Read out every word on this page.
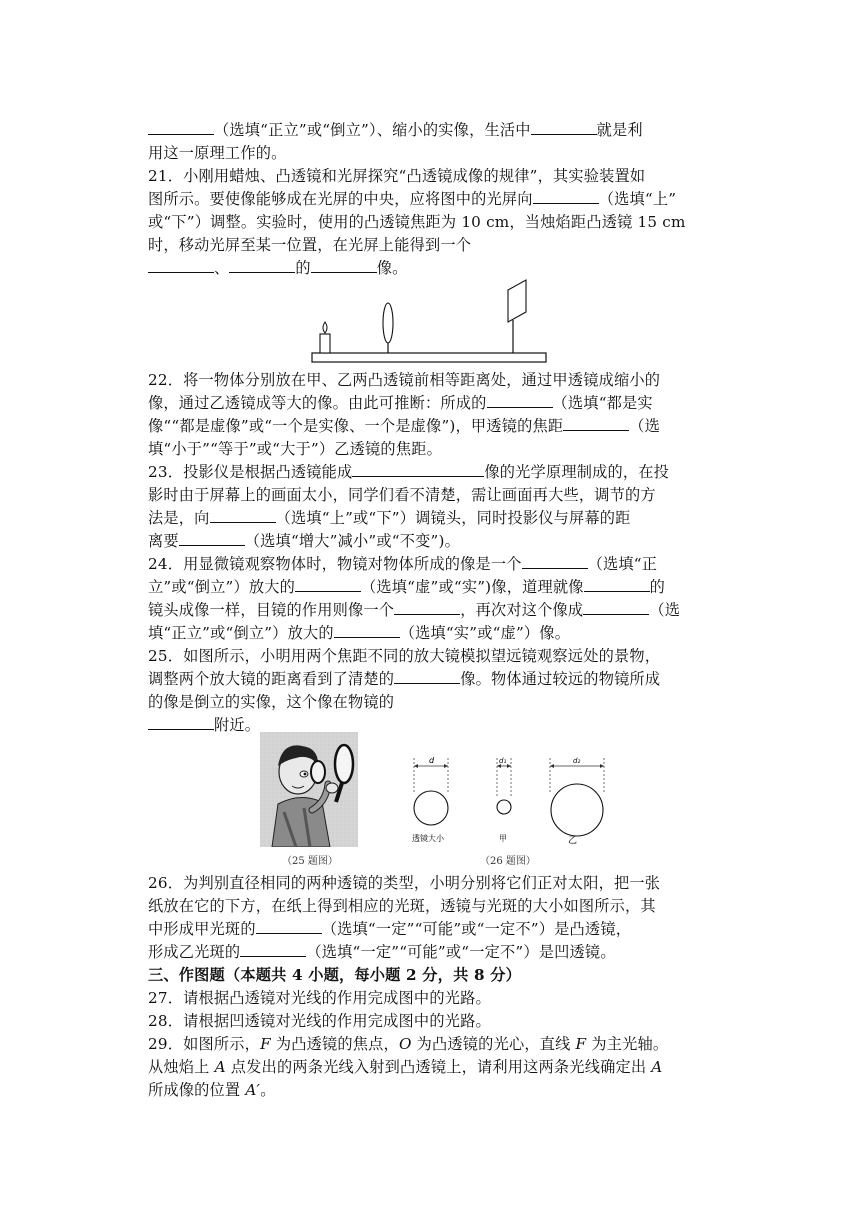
（选填“正立”或“倒立”）、缩小的实像，生活中	就是利

用这一原理工作的。

21．小刚用蜡烛、凸透镜和光屏探究“凸透镜成像的规律”，其实验装置如

图所示。要使像能够成在光屏的中央，应将图中的光屏向	（选填“上”

或“下”）调整。实验时，使用的凸透镜焦距为 10 cm，当烛焰距凸透镜 15 cm

时，移动光屏至某一位置，在光屏上能得到一个

、	的	像。

22．将一物体分别放在甲、乙两凸透镜前相等距离处，通过甲透镜成缩小的

像，通过乙透镜成等大的像。由此可推断：所成的	（选填“都是实

像““都是虚像”或“一个是实像、一个是虚像”)，甲透镜的焦距	（选

填“小于”“等于”或“大于”）乙透镜的焦距。

23．投影仪是根据凸透镜能成	像的光学原理制成的，在投

影时由于屏幕上的画面太小，同学们看不清楚，需让画面再大些，调节的方

法是，向	（选填“上”或“下”）调镜头，同时投影仪与屏幕的距

离要	（选填“增大”减小”或“不变”)。

24．用显微镜观察物体时，物镜对物体所成的像是一个	（选填“正

立”或“倒立”）放大的	（选填“虚”或“实”)像，道理就像	的

镜头成像一样，目镜的作用则像一个	，再次对这个像成	（选

填“正立”或“倒立”）放大的	（选填“实”或“虚”）像。

25．如图所示，小明用两个焦距不同的放大镜模拟望远镜观察远处的景物，

调整两个放大镜的距离看到了清楚的	像。物体通过较远的物镜所成

的像是倒立的实像，这个像在物镜的

附近。

d
透镜大小
d₁
甲
d₂
乙
（25 题图）	（26 题图）

26．为判别直径相同的两种透镜的类型，小明分别将它们正对太阳，把一张

纸放在它的下方，在纸上得到相应的光斑，透镜与光斑的大小如图所示，其

中形成甲光斑的	（选填“一定”“可能”或“一定不”）是凸透镜，

形成乙光斑的	（选填“一定”“可能”或“一定不”）是凹透镜。

三、作图题（本题共 4 小题，每小题 2 分，共 8 分）

27．请根据凸透镜对光线的作用完成图中的光路。

28．请根据凹透镜对光线的作用完成图中的光路。

29．如图所示，F 为凸透镜的焦点，O 为凸透镜的光心，直线 F 为主光轴。

从烛焰上 A 点发出的两条光线入射到凸透镜上，请利用这两条光线确定出 A

所成像的位置 A′。
